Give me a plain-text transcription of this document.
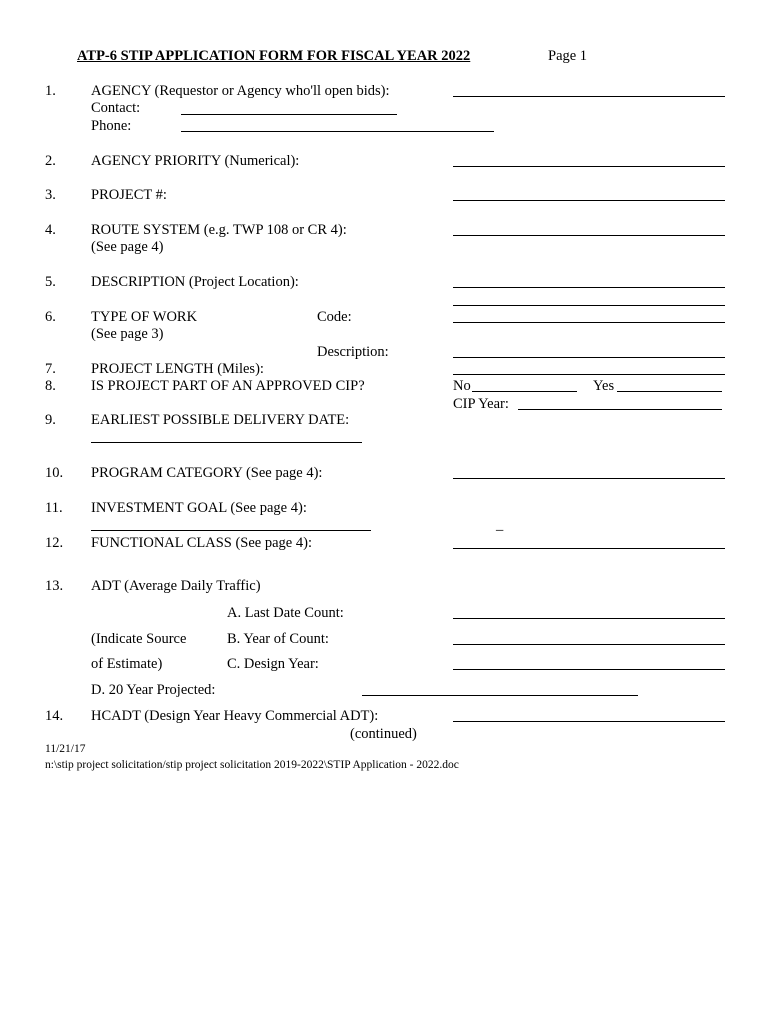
ATP-6 STIP APPLICATION FORM FOR FISCAL YEAR 2022	Page 1
1. AGENCY (Requestor or Agency who'll open bids):
Contact:
Phone:
2. AGENCY PRIORITY (Numerical):
3. PROJECT #:
4. ROUTE SYSTEM (e.g. TWP 108 or CR 4):
(See page 4)
5. DESCRIPTION (Project Location):
6. TYPE OF WORK	Code:
(See page 3)
Description:
7. PROJECT LENGTH (Miles):
8. IS PROJECT PART OF AN APPROVED CIP?	No	Yes
CIP Year:
9. EARLIEST POSSIBLE DELIVERY DATE:
10. PROGRAM CATEGORY (See page 4):
11. INVESTMENT GOAL (See page 4):
_
12. FUNCTIONAL CLASS (See page 4):
13. ADT (Average Daily Traffic)
A. Last Date Count:
(Indicate Source	B. Year of Count:
of Estimate)	C. Design Year:
D. 20 Year Projected:
14. HCADT (Design Year Heavy Commercial ADT):
(continued)
11/21/17
n:\stip project solicitation/stip project solicitation 2019-2022\STIP Application - 2022.doc
